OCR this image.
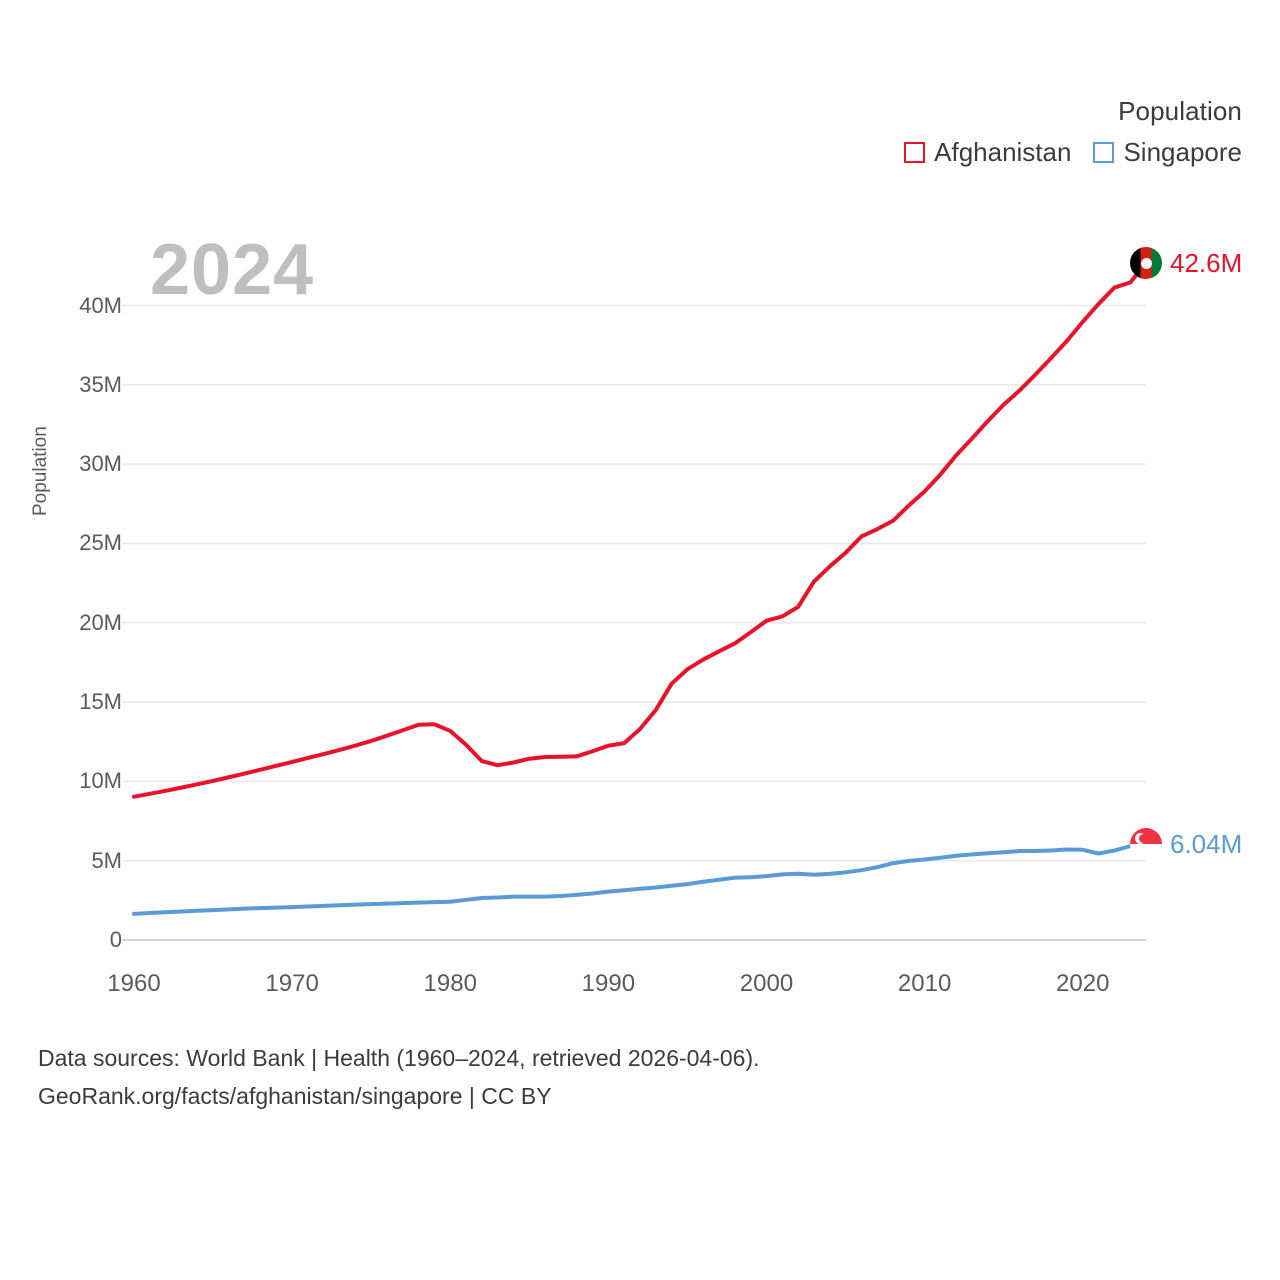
Population
Afghanistan Singapore
2024
Population
0
5M
10M
15M
20M
25M
30M
35M
40M
1960	1970	1980	1990	2000	2010	2020
42.6M
6.04M
Data sources: World Bank | Health (1960–2024, retrieved 2026-04-06).
GeoRank.org/facts/afghanistan/singapore | CC BY
